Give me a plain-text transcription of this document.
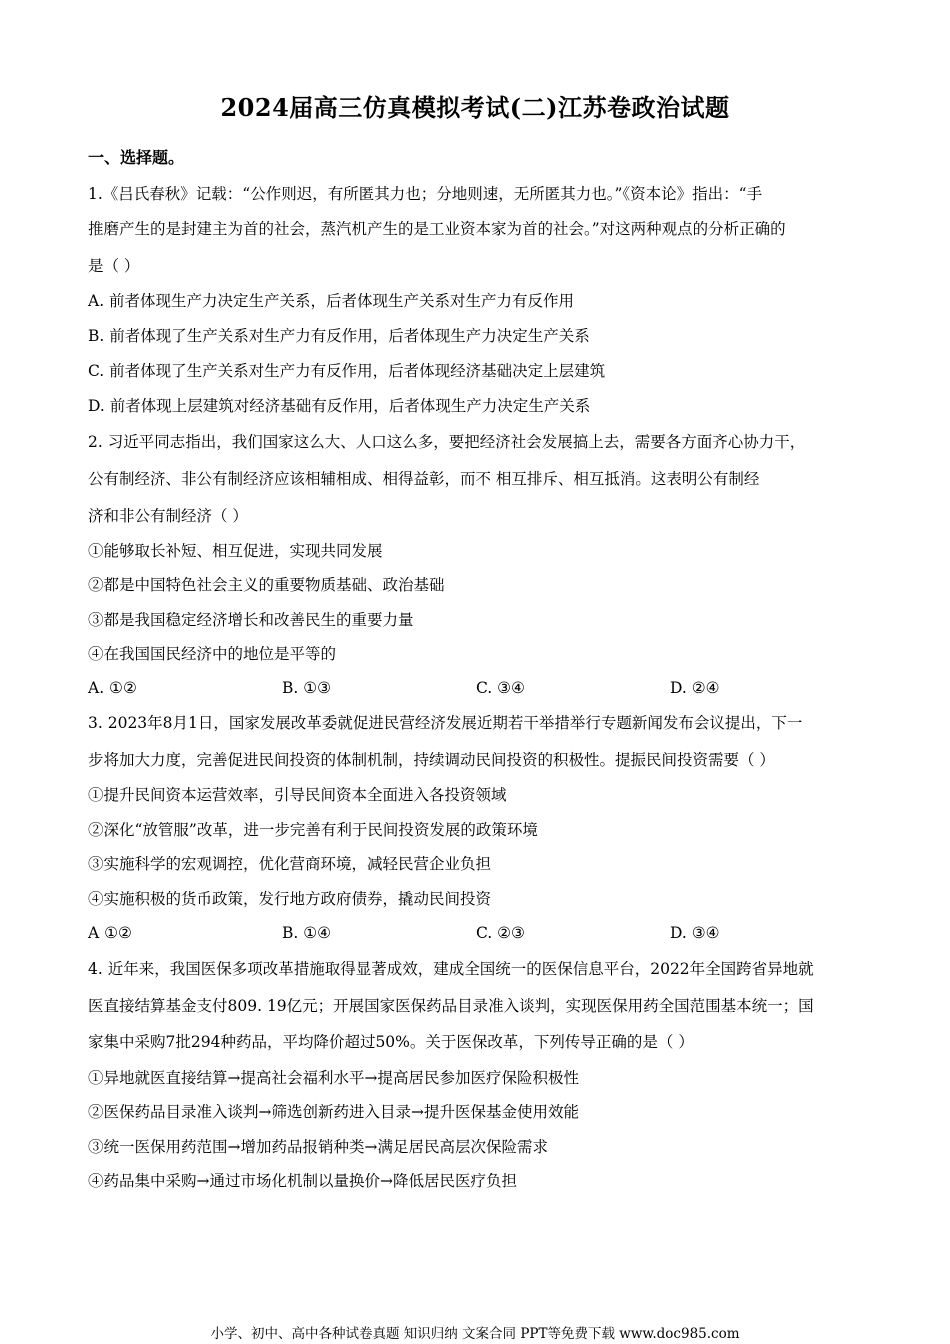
2024届高三仿真模拟考试(二)江苏卷政治试题
一、选择题。
1.《吕氏春秋》记载：“公作则迟，有所匿其力也；分地则速，无所匿其力也。”《资本论》指出：“手
推磨产生的是封建主为首的社会，蒸汽机产生的是工业资本家为首的社会。”对这两种观点的分析正确的
是（ ）
A. 前者体现生产力决定生产关系，后者体现生产关系对生产力有反作用
B. 前者体现了生产关系对生产力有反作用，后者体现生产力决定生产关系
C. 前者体现了生产关系对生产力有反作用，后者体现经济基础决定上层建筑
D. 前者体现上层建筑对经济基础有反作用，后者体现生产力决定生产关系
2. 习近平同志指出，我们国家这么大、人口这么多，要把经济社会发展搞上去，需要各方面齐心协力干，
公有制经济、非公有制经济应该相辅相成、相得益彰，而不 相互排斥、相互抵消。这表明公有制经
济和非公有制经济（ ）
①能够取长补短、相互促进，实现共同发展
②都是中国特色社会主义的重要物质基础、政治基础
③都是我国稳定经济增长和改善民生的重要力量
④在我国国民经济中的地位是平等的
A. ①②	B. ①③	C. ③④	D. ②④
3. 2023年8月1日，国家发展改革委就促进民营经济发展近期若干举措举行专题新闻发布会议提出，下一
步将加大力度，完善促进民间投资的体制机制，持续调动民间投资的积极性。提振民间投资需要（ ）
①提升民间资本运营效率，引导民间资本全面进入各投资领域
②深化“放管服”改革，进一步完善有利于民间投资发展的政策环境
③实施科学的宏观调控，优化营商环境，减轻民营企业负担
④实施积极的货币政策，发行地方政府债券，撬动民间投资
A ①②	B. ①④	C. ②③	D. ③④
4. 近年来，我国医保多项改革措施取得显著成效，建成全国统一的医保信息平台，2022年全国跨省异地就
医直接结算基金支付809. 19亿元；开展国家医保药品目录准入谈判，实现医保用药全国范围基本统一；国
家集中采购7批294种药品，平均降价超过50%。关于医保改革，下列传导正确的是（ ）
①异地就医直接结算→提高社会福利水平→提高居民参加医疗保险积极性
②医保药品目录准入谈判→筛选创新药进入目录→提升医保基金使用效能
③统一医保用药范围→增加药品报销种类→满足居民高层次保险需求
④药品集中采购→通过市场化机制以量换价→降低居民医疗负担
小学、初中、高中各种试卷真题 知识归纳 文案合同 PPT等免费下载 www.doc985.com
